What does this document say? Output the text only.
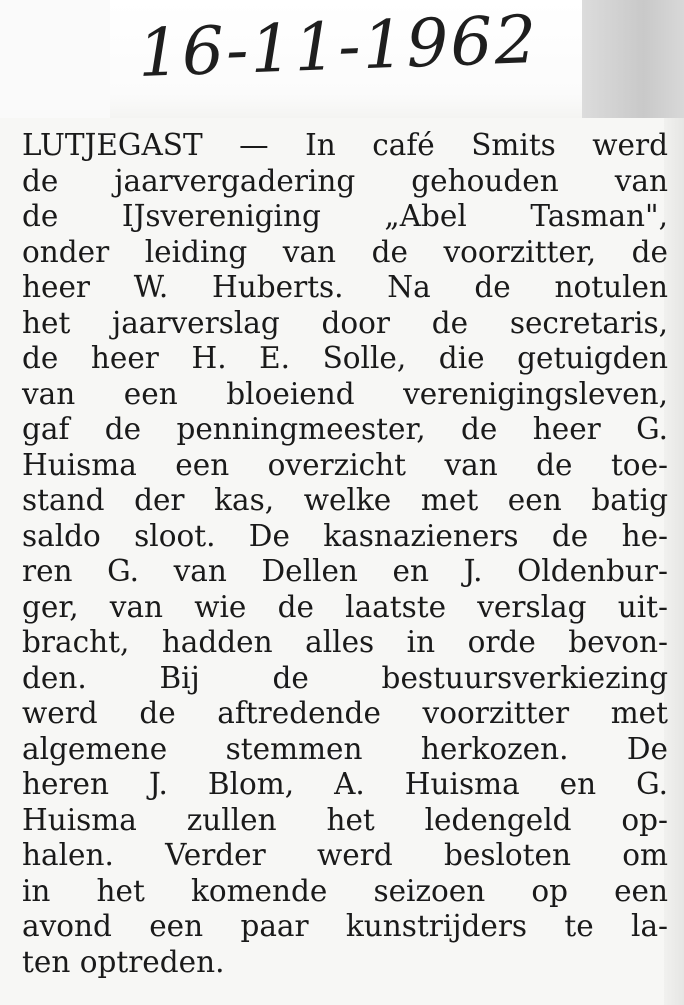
16-11-1962
LUTJEGAST — In café Smits werd
de jaarvergadering gehouden van
de IJsvereniging „Abel Tasman",
onder leiding van de voorzitter, de
heer W. Huberts. Na de notulen
het jaarverslag door de secretaris,
de heer H. E. Solle, die getuigden
van een bloeiend verenigingsleven,
gaf de penningmeester, de heer G.
Huisma een overzicht van de toe-
stand der kas, welke met een batig
saldo sloot. De kasnazieners de he-
ren G. van Dellen en J. Oldenbur-
ger, van wie de laatste verslag uit-
bracht, hadden alles in orde bevon-
den. Bij de bestuursverkiezing
werd de aftredende voorzitter met
algemene stemmen herkozen. De
heren J. Blom, A. Huisma en G.
Huisma zullen het ledengeld op-
halen. Verder werd besloten om
in het komende seizoen op een
avond een paar kunstrijders te la-
ten optreden.
